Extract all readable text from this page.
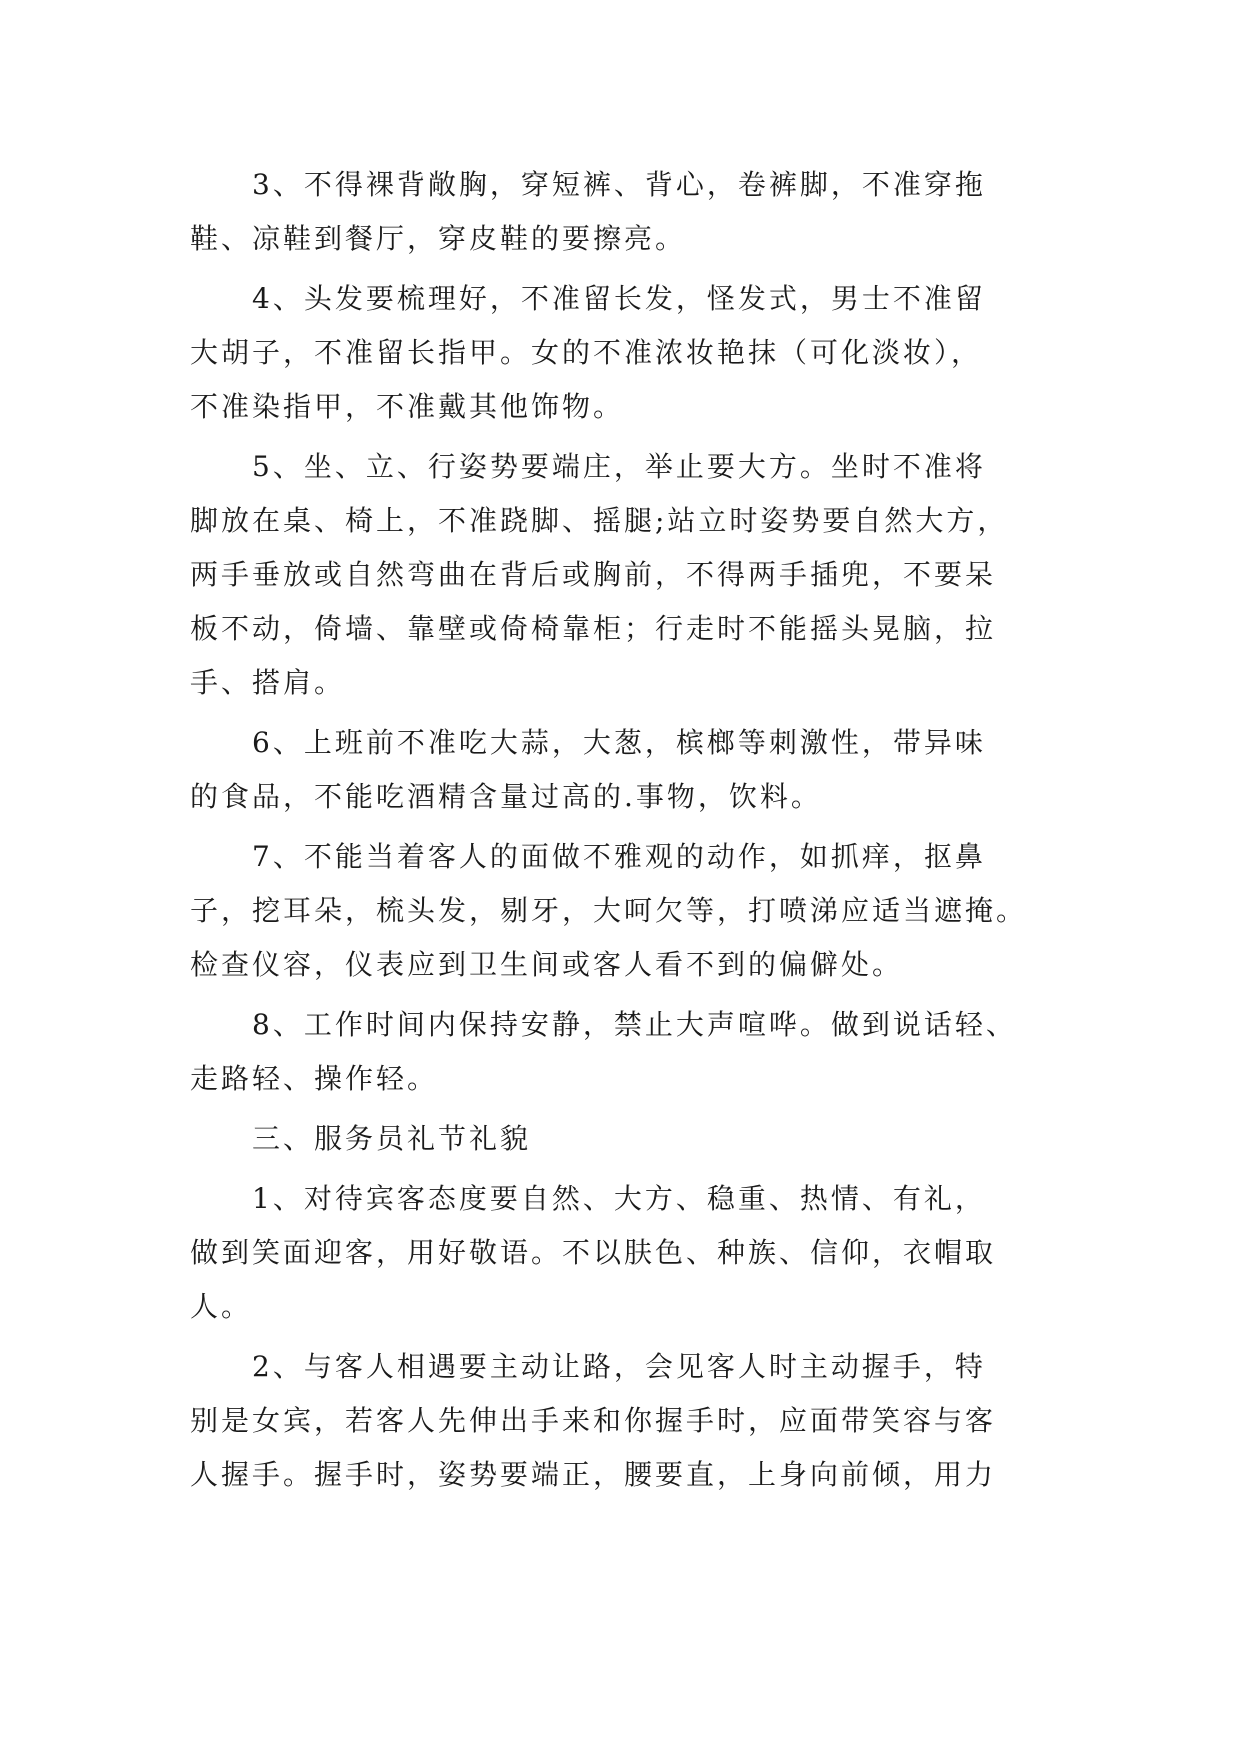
3、不得裸背敞胸，穿短裤、背心，卷裤脚，不准穿拖
鞋、凉鞋到餐厅，穿皮鞋的要擦亮。
4、头发要梳理好，不准留长发，怪发式，男士不准留
大胡子，不准留长指甲。女的不准浓妆艳抹（可化淡妆），
不准染指甲，不准戴其他饰物。
5、坐、立、行姿势要端庄，举止要大方。坐时不准将
脚放在桌、椅上，不准跷脚、摇腿;站立时姿势要自然大方，
两手垂放或自然弯曲在背后或胸前，不得两手插兜，不要呆
板不动，倚墙、靠壁或倚椅靠柜；行走时不能摇头晃脑，拉
手、搭肩。
6、上班前不准吃大蒜，大葱，槟榔等刺激性，带异味
的食品，不能吃酒精含量过高的.事物，饮料。
7、不能当着客人的面做不雅观的动作，如抓痒，抠鼻
子，挖耳朵，梳头发，剔牙，大呵欠等，打喷涕应适当遮掩。
检查仪容，仪表应到卫生间或客人看不到的偏僻处。
8、工作时间内保持安静，禁止大声喧哗。做到说话轻、
走路轻、操作轻。
三、服务员礼节礼貌
1、对待宾客态度要自然、大方、稳重、热情、有礼，
做到笑面迎客，用好敬语。不以肤色、种族、信仰，衣帽取
人。
2、与客人相遇要主动让路，会见客人时主动握手，特
别是女宾，若客人先伸出手来和你握手时，应面带笑容与客
人握手。握手时，姿势要端正，腰要直，上身向前倾，用力
